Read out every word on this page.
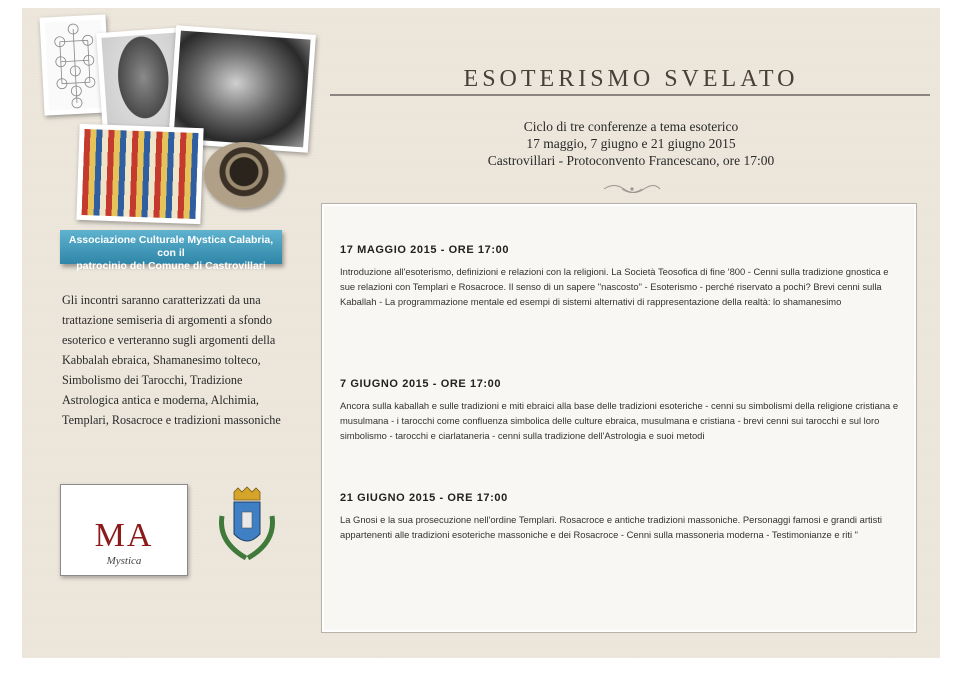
Associazione Culturale Mystica Calabria, con il
patrocinio del Comune di Castrovillari
Gli incontri saranno caratterizzati da una trattazione semiseria di argomenti a sfondo esoterico e verteranno sugli argomenti della Kabbalah ebraica, Shamanesimo tolteco, Simbolismo dei Tarocchi, Tradizione Astrologica antica e moderna, Alchimia, Templari, Rosacroce e tradizioni massoniche
MA
Mystica
ESOTERISMO SVELATO
Ciclo di tre conferenze a tema esoterico
17 maggio, 7 giugno e 21 giugno 2015
Castrovillari - Protoconvento Francescano, ore 17:00
17 MAGGIO 2015 - ORE 17:00

Introduzione all'esoterismo, definizioni e relazioni con la religioni. La Società Teosofica di fine '800 - Cenni sulla tradizione gnostica e sue relazioni con Templari e Rosacroce. Il senso di un sapere "nascosto" - Esoterismo - perché riservato a pochi? Brevi cenni sulla Kaballah - La programmazione mentale ed esempi di sistemi alternativi di rappresentazione della realtà: lo shamanesimo

7 GIUGNO 2015 - ORE 17:00

Ancora sulla kaballah e sulle tradizioni e miti ebraici alla base delle tradizioni esoteriche - cenni su simbolismi della religione cristiana e musulmana - i tarocchi come confluenza simbolica delle culture ebraica, musulmana e cristiana - brevi cenni sui tarocchi e sul loro simbolismo - tarocchi e ciarlataneria - cenni sulla tradizione dell'Astrologia e suoi metodi

21 GIUGNO 2015 - ORE 17:00

La Gnosi e la sua prosecuzione nell'ordine Templari. Rosacroce e antiche tradizioni massoniche. Personaggi famosi e grandi artisti appartenenti alle tradizioni esoteriche massoniche e dei Rosacroce - Cenni sulla massoneria moderna - Testimonianze e riti "
